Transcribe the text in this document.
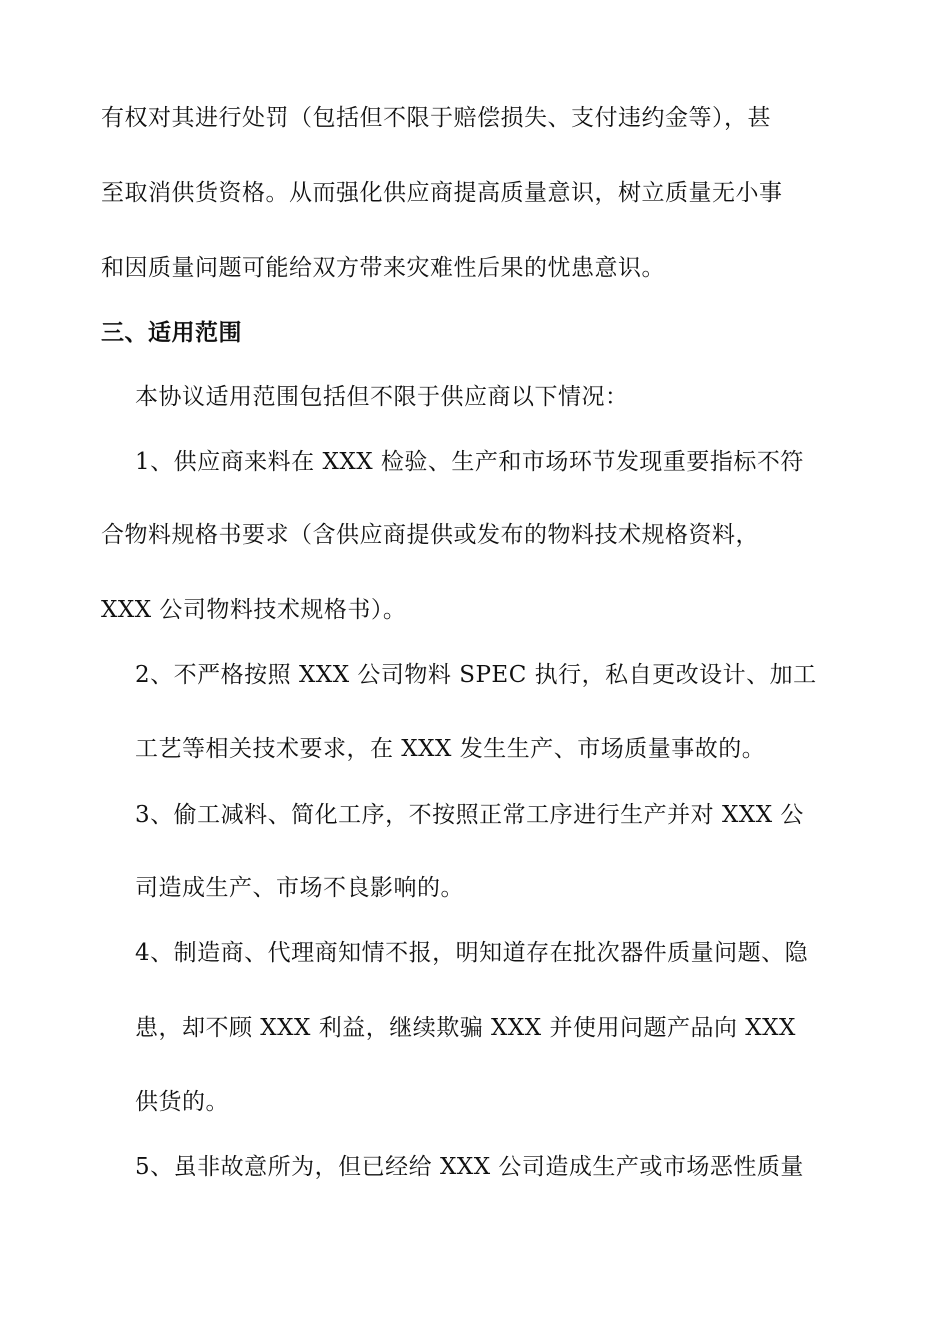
有权对其进行处罚（包括但不限于赔偿损失、支付违约金等），甚
至取消供货资格。从而强化供应商提高质量意识，树立质量无小事
和因质量问题可能给双方带来灾难性后果的忧患意识。
三、适用范围
本协议适用范围包括但不限于供应商以下情况：
1、供应商来料在 XXX 检验、生产和市场环节发现重要指标不符
合物料规格书要求（含供应商提供或发布的物料技术规格资料，
XXX 公司物料技术规格书）。
2、不严格按照 XXX 公司物料 SPEC 执行，私自更改设计、加工
工艺等相关技术要求，在 XXX 发生生产、市场质量事故的。
3、偷工减料、简化工序，不按照正常工序进行生产并对 XXX 公
司造成生产、市场不良影响的。
4、制造商、代理商知情不报，明知道存在批次器件质量问题、隐
患，却不顾 XXX 利益，继续欺骗 XXX 并使用问题产品向 XXX
供货的。
5、虽非故意所为，但已经给 XXX 公司造成生产或市场恶性质量
